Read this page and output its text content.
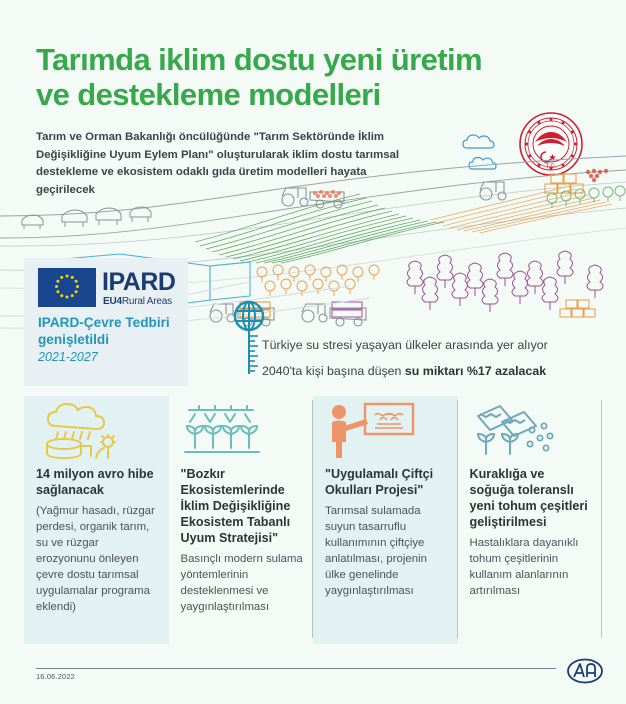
Tarımda iklim dostu yeni üretim
ve destekleme modelleri
Tarım ve Orman Bakanlığı öncülüğünde "Tarım Sektöründe İklim Değişikliğine Uyum Eylem Planı" oluşturularak iklim dostu tarımsal destekleme ve ekosistem odaklı gıda üretim modelleri hayata geçirilecek
T.C.
IPARD
EU4Rural Areas
IPARD-Çevre Tedbiri genişletildi
2021-2027
Türkiye su stresi yaşayan ülkeler arasında yer alıyor
2040'ta kişi başına düşen su miktarı %17 azalacak
14 milyon avro hibe sağlanacak
(Yağmur hasadı, rüzgar perdesi, organik tarım, su ve rüzgar erozyonunu önleyen çevre dostu tarımsal uygulamalar programa eklendi)
"Bozkır Ekosistemlerinde İklim Değişikliğine Ekosistem Tabanlı Uyum Stratejisi"
Basınçlı modern sulama yöntemlerinin desteklenmesi ve yaygınlaştırılması
"Uygulamalı Çiftçi Okulları Projesi"
Tarımsal sulamada suyun tasarruflu kullanımının çiftçiye anlatılması, projenin ülke genelinde yaygınlaştırılması
Kuraklığa ve soğuğa toleranslı yeni tohum çeşitleri geliştirilmesi
Hastalıklara dayanıklı tohum çeşitlerinin kullanım alanlarının artırılması
16.06.2022
